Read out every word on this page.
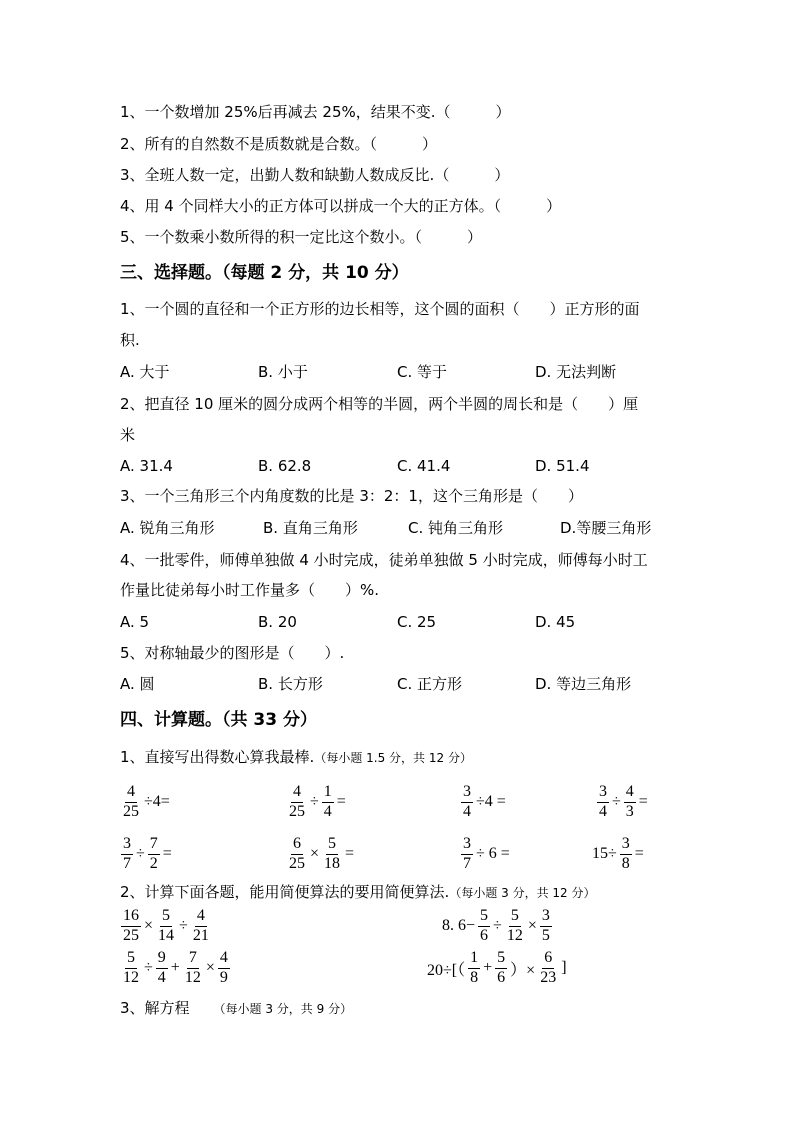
1、一个数增加 25%后再减去 25%，结果不变.（　　　）
2、所有的自然数不是质数就是合数。（　　　）
3、全班人数一定，出勤人数和缺勤人数成反比.（　　　）
4、用 4 个同样大小的正方体可以拼成一个大的正方体。（　　　）
5、一个数乘小数所得的积一定比这个数小。（　　　）
三、选择题。（每题 2 分，共 10 分）
1、一个圆的直径和一个正方形的边长相等，这个圆的面积（　　）正方形的面
积.
A. 大于	B. 小于	C. 等于	D. 无法判断
2、把直径 10 厘米的圆分成两个相等的半圆，两个半圆的周长和是（　　）厘
米
A. 31.4	B. 62.8	C. 41.4	D. 51.4
3、一个三角形三个内角度数的比是 3：2：1，这个三角形是（　　）
A. 锐角三角形	B. 直角三角形	C. 钝角三角形	D.等腰三角形
4、一批零件，师傅单独做 4 小时完成，徒弟单独做 5 小时完成，师傅每小时工
作量比徒弟每小时工作量多（　　）%.
A. 5	B. 20	C. 25	D. 45
5、对称轴最少的图形是（　　）.
A. 圆	B. 长方形	C. 正方形	D. 等边三角形
四、计算题。（共 33 分）
1、直接写出得数心算我最棒.（每小题 1.5 分，共 12 分）
$\frac{4}{25} \div 4=$	$\frac{4}{25} \div \frac{1}{4}$ =	$\frac{3}{4} \div 4$ =	$\frac{3}{4} \div \frac{4}{3}$ =
$\frac{3}{7} \div \frac{7}{2}$ =	$\frac{6}{25} \times \frac{5}{18}$ =	$\frac{3}{7} \div 6$ =	$15\div \frac{3}{8}$ =
2、计算下面各题，能用简便算法的要用简便算法.（每小题 3 分，共 12 分）
$\frac{16}{25} \times \frac{5}{14} \div \frac{4}{21}$	8. $6- \frac{5}{6} \div \frac{5}{12} \times \frac{3}{5}$
$\frac{5}{12} \div \frac{9}{4} + \frac{7}{12} \times \frac{4}{9}$	$20\div[( \frac{1}{8} + \frac{5}{6}$ ）× $\frac{6}{23}$ ]
3、解方程 （每小题 3 分，共 9 分）
